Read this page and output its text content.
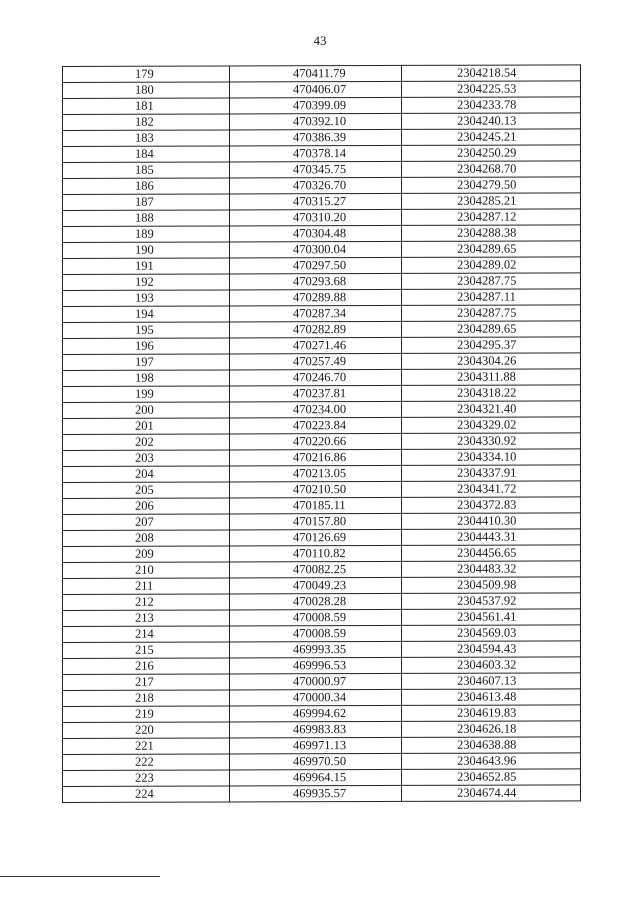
43
179	470411.79	2304218.54
180	470406.07	2304225.53
181	470399.09	2304233.78
182	470392.10	2304240.13
183	470386.39	2304245.21
184	470378.14	2304250.29
185	470345.75	2304268.70
186	470326.70	2304279.50
187	470315.27	2304285.21
188	470310.20	2304287.12
189	470304.48	2304288.38
190	470300.04	2304289.65
191	470297.50	2304289.02
192	470293.68	2304287.75
193	470289.88	2304287.11
194	470287.34	2304287.75
195	470282.89	2304289.65
196	470271.46	2304295.37
197	470257.49	2304304.26
198	470246.70	2304311.88
199	470237.81	2304318.22
200	470234.00	2304321.40
201	470223.84	2304329.02
202	470220.66	2304330.92
203	470216.86	2304334.10
204	470213.05	2304337.91
205	470210.50	2304341.72
206	470185.11	2304372.83
207	470157.80	2304410.30
208	470126.69	2304443.31
209	470110.82	2304456.65
210	470082.25	2304483.32
211	470049.23	2304509.98
212	470028.28	2304537.92
213	470008.59	2304561.41
214	470008.59	2304569.03
215	469993.35	2304594.43
216	469996.53	2304603.32
217	470000.97	2304607.13
218	470000.34	2304613.48
219	469994.62	2304619.83
220	469983.83	2304626.18
221	469971.13	2304638.88
222	469970.50	2304643.96
223	469964.15	2304652.85
224	469935.57	2304674.44
